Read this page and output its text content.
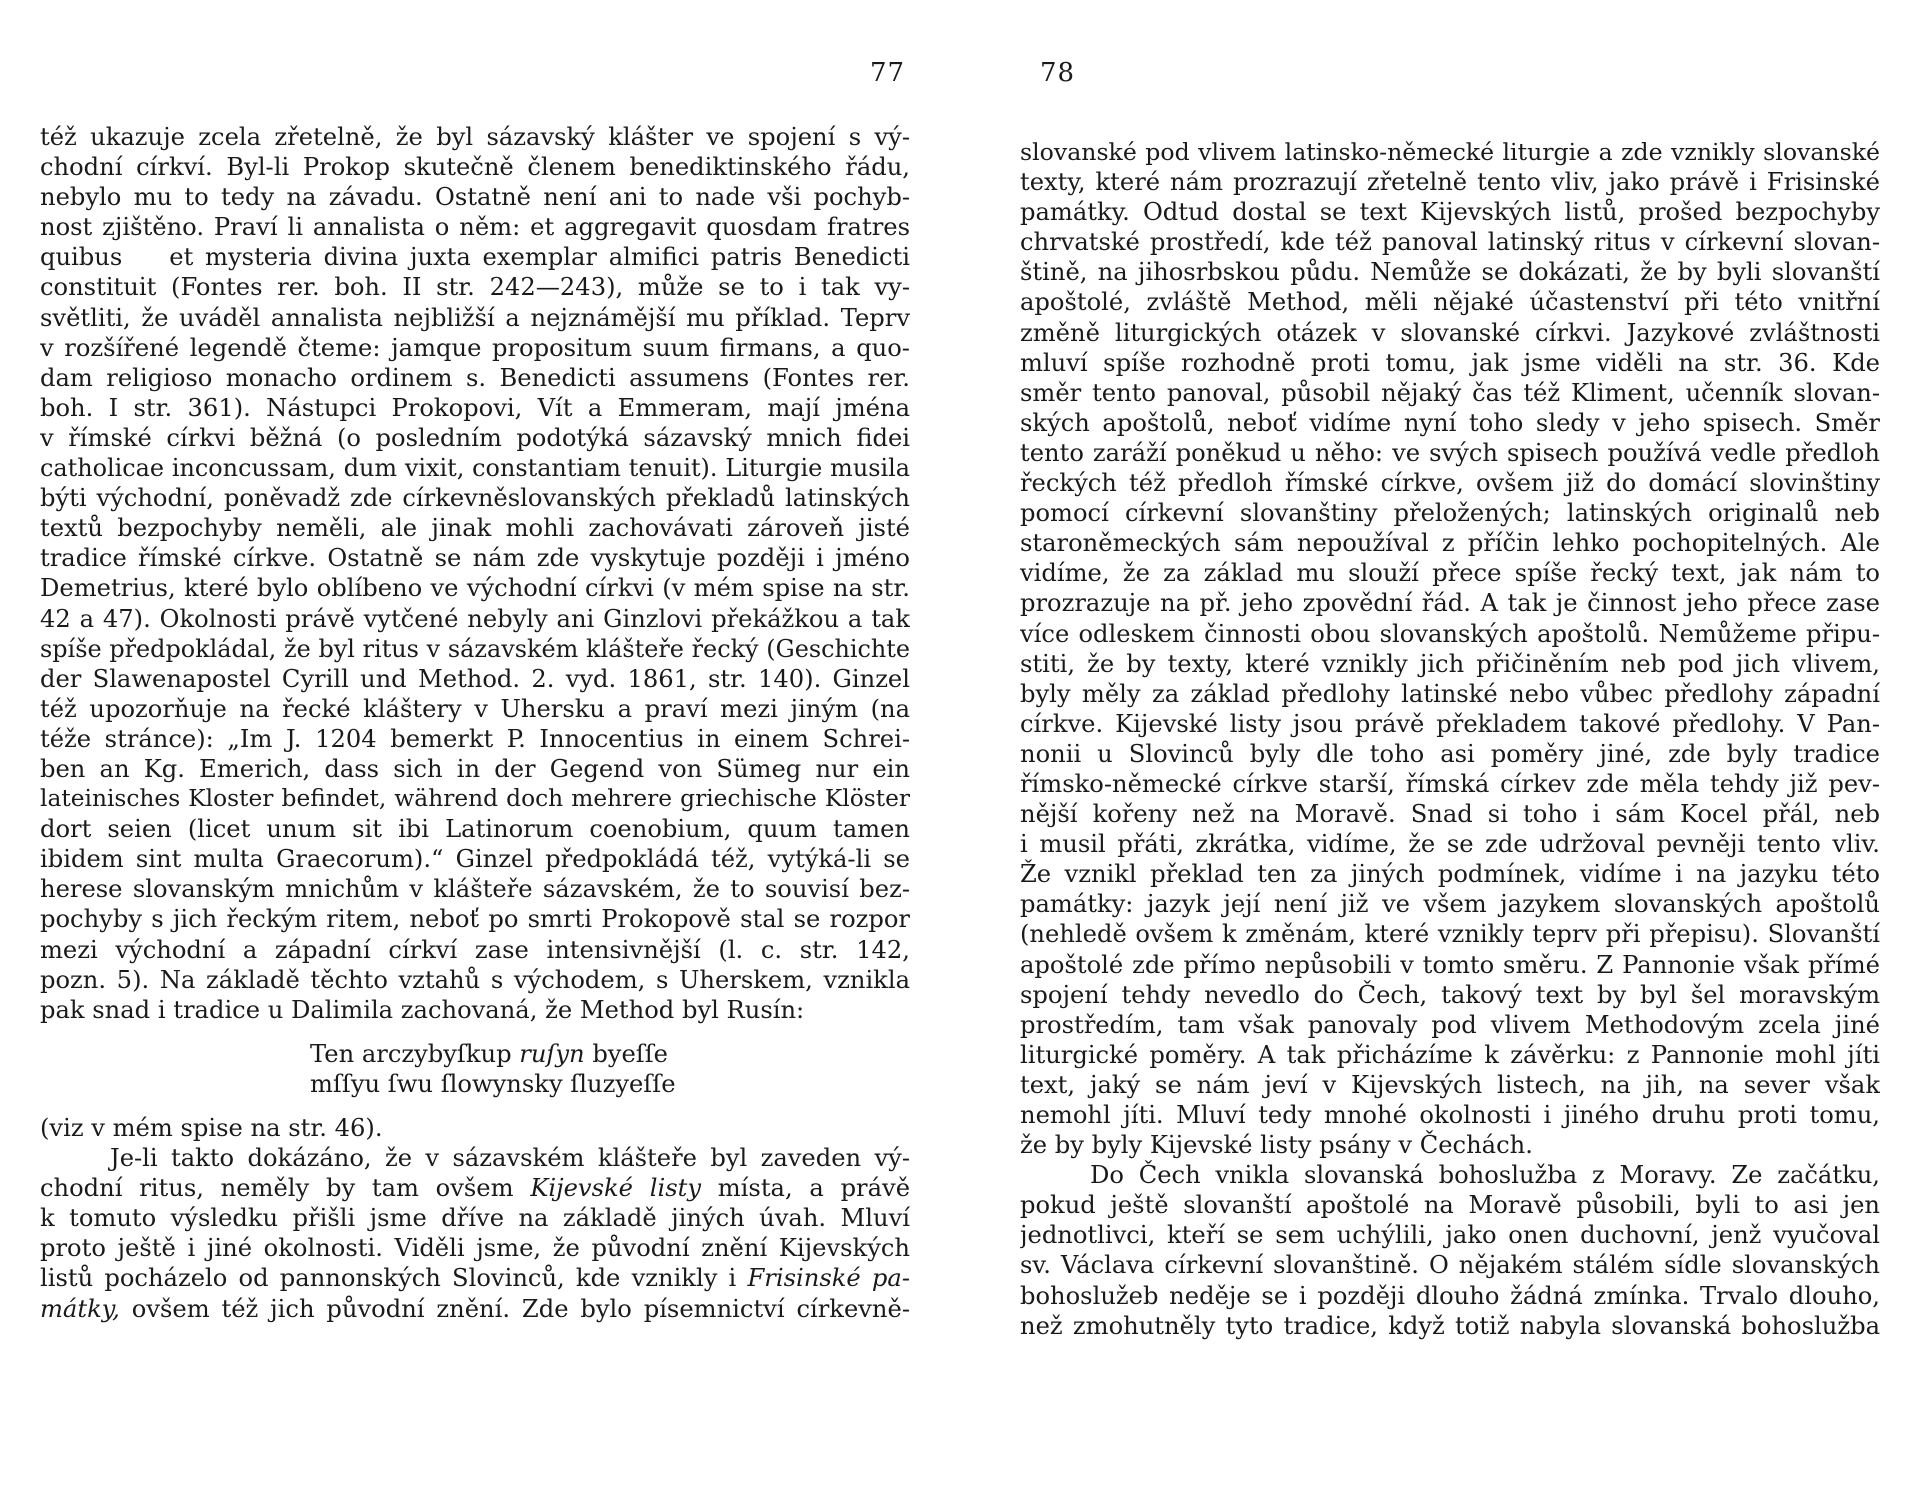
77
též ukazuje zcela zřetelně, že byl sázavský klášter ve spojení s vý-
chodní církví. Byl-li Prokop skutečně členem benediktinského řádu,
nebylo mu to tedy na závadu. Ostatně není ani to nade vši pochyb-
nost zjištěno. Praví li annalista o něm: et aggregavit quosdam fratres
quibus    et mysteria divina juxta exemplar almifici patris Benedicti
constituit (Fontes rer. boh. II str. 242—243), může se to i tak vy-
světliti, že uváděl annalista nejbližší a nejznámější mu příklad. Teprv
v rozšířené legendě čteme: jamque propositum suum firmans, a quo-
dam religioso monacho ordinem s. Benedicti assumens (Fontes rer.
boh. I str. 361). Nástupci Prokopovi, Vít a Emmeram, mají jména
v římské církvi běžná (o posledním podotýká sázavský mnich fidei
catholicae inconcussam, dum vixit, constantiam tenuit). Liturgie musila
býti východní, poněvadž zde církevněslovanských překladů latinských
textů bezpochyby neměli, ale jinak mohli zachovávati zároveň jisté
tradice římské církve. Ostatně se nám zde vyskytuje později i jméno
Demetrius, které bylo oblíbeno ve východní církvi (v mém spise na str.
42 a 47). Okolnosti právě vytčené nebyly ani Ginzlovi překážkou a tak
spíše předpokládal, že byl ritus v sázavském klášteře řecký (Geschichte
der Slawenapostel Cyrill und Method. 2. vyd. 1861, str. 140). Ginzel
též upozorňuje na řecké kláštery v Uhersku a praví mezi jiným (na
téže stránce): „Im J. 1204 bemerkt P. Innocentius in einem Schrei-
ben an Kg. Emerich, dass sich in der Gegend von Sümeg nur ein
lateinisches Kloster befindet, während doch mehrere griechische Klöster
dort seien (licet unum sit ibi Latinorum coenobium, quum tamen
ibidem sint multa Graecorum).“ Ginzel předpokládá též, vytýká-li se
herese slovanským mnichům v klášteře sázavském, že to souvisí bez-
pochyby s jich řeckým ritem, neboť po smrti Prokopově stal se rozpor
mezi východní a západní církví zase intensivnější (l. c. str. 142,
pozn. 5). Na základě těchto vztahů s východem, s Uherskem, vznikla
pak snad i tradice u Dalimila zachovaná, že Method byl Rusín:
Ten arczybyſkup ruſyn byeſſe
mſſyu ſwu ſlowynsky ſluzyeſſe
(viz v mém spise na str. 46).
Je-li takto dokázáno, že v sázavském klášteře byl zaveden vý-
chodní ritus, neměly by tam ovšem Kijevské listy místa, a právě
k tomuto výsledku přišli jsme dříve na základě jiných úvah. Mluví
proto ještě i jiné okolnosti. Viděli jsme, že původní znění Kijevských
listů pocházelo od pannonských Slovinců, kde vznikly i Frisinské pa-
mátky, ovšem též jich původní znění. Zde bylo písemnictví církevně-
78
slovanské pod vlivem latinsko-německé liturgie a zde vznikly slovanské
texty, které nám prozrazují zřetelně tento vliv, jako právě i Frisinské
památky. Odtud dostal se text Kijevských listů, prošed bezpochyby
chrvatské prostředí, kde též panoval latinský ritus v církevní slovan-
štině, na jihosrbskou půdu. Nemůže se dokázati, že by byli slovanští
apoštolé, zvláště Method, měli nějaké účastenství při této vnitřní
změně liturgických otázek v slovanské církvi. Jazykové zvláštnosti
mluví spíše rozhodně proti tomu, jak jsme viděli na str. 36. Kde
směr tento panoval, působil nějaký čas též Kliment, učenník slovan-
ských apoštolů, neboť vidíme nyní toho sledy v jeho spisech. Směr
tento zaráží poněkud u něho: ve svých spisech používá vedle předloh
řeckých též předloh římské církve, ovšem již do domácí slovinštiny
pomocí církevní slovanštiny přeložených; latinských originalů neb
staroněmeckých sám nepoužíval z příčin lehko pochopitelných. Ale
vidíme, že za základ mu slouží přece spíše řecký text, jak nám to
prozrazuje na př. jeho zpovědní řád. A tak je činnost jeho přece zase
více odleskem činnosti obou slovanských apoštolů. Nemůžeme připu-
stiti, že by texty, které vznikly jich přičiněním neb pod jich vlivem,
byly měly za základ předlohy latinské nebo vůbec předlohy západní
církve. Kijevské listy jsou právě překladem takové předlohy. V Pan-
nonii u Slovinců byly dle toho asi poměry jiné, zde byly tradice
římsko-německé církve starší, římská církev zde měla tehdy již pev-
nější kořeny než na Moravě. Snad si toho i sám Kocel přál, neb
i musil přáti, zkrátka, vidíme, že se zde udržoval pevněji tento vliv.
Že vznikl překlad ten za jiných podmínek, vidíme i na jazyku této
památky: jazyk její není již ve všem jazykem slovanských apoštolů
(nehledě ovšem k změnám, které vznikly teprv při přepisu). Slovanští
apoštolé zde přímo nepůsobili v tomto směru. Z Pannonie však přímé
spojení tehdy nevedlo do Čech, takový text by byl šel moravským
prostředím, tam však panovaly pod vlivem Methodovým zcela jiné
liturgické poměry. A tak přicházíme k závěrku: z Pannonie mohl jíti
text, jaký se nám jeví v Kijevských listech, na jih, na sever však
nemohl jíti. Mluví tedy mnohé okolnosti i jiného druhu proti tomu,
že by byly Kijevské listy psány v Čechách.
Do Čech vnikla slovanská bohoslužba z Moravy. Ze začátku,
pokud ještě slovanští apoštolé na Moravě působili, byli to asi jen
jednotlivci, kteří se sem uchýlili, jako onen duchovní, jenž vyučoval
sv. Václava církevní slovanštině. O nějakém stálém sídle slovanských
bohoslužeb neděje se i později dlouho žádná zmínka. Trvalo dlouho,
než zmohutněly tyto tradice, když totiž nabyla slovanská bohoslužba
